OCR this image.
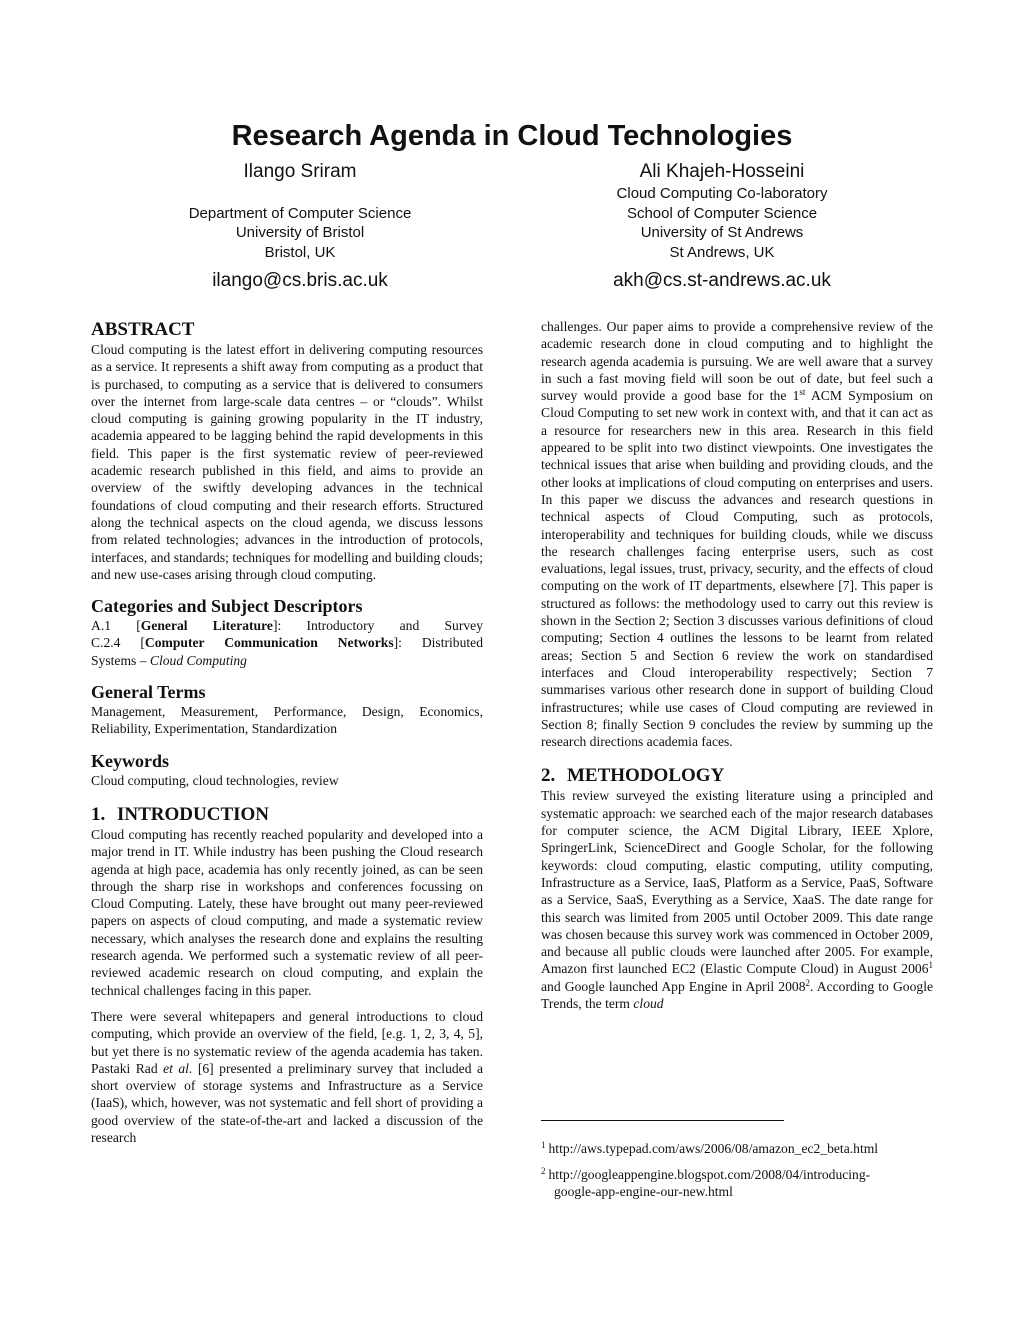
Research Agenda in Cloud Technologies
Ilango Sriram

Department of Computer Science
University of Bristol
Bristol, UK
ilango@cs.bris.ac.uk
Ali Khajeh-Hosseini
Cloud Computing Co-laboratory
School of Computer Science
University of St Andrews
St Andrews, UK
akh@cs.st-andrews.ac.uk
ABSTRACT

Cloud computing is the latest effort in delivering computing resources as a service. It represents a shift away from computing as a product that is purchased, to computing as a service that is delivered to consumers over the internet from large-scale data centres – or “clouds”. Whilst cloud computing is gaining growing popularity in the IT industry, academia appeared to be lagging behind the rapid developments in this field. This paper is the first systematic review of peer-reviewed academic research published in this field, and aims to provide an overview of the swiftly developing advances in the technical foundations of cloud computing and their research efforts. Structured along the technical aspects on the cloud agenda, we discuss lessons from related technologies; advances in the introduction of protocols, interfaces, and standards; techniques for modelling and building clouds; and new use-cases arising through cloud computing.

Categories and Subject Descriptors
A.1 [General Literature]: Introductory and Survey
C.2.4 [Computer Communication Networks]: Distributed
Systems – Cloud Computing
General Terms

Management, Measurement, Performance, Design, Economics, Reliability, Experimentation, Standardization

Keywords

Cloud computing, cloud technologies, review

1. INTRODUCTION

Cloud computing has recently reached popularity and developed into a major trend in IT. While industry has been pushing the Cloud research agenda at high pace, academia has only recently joined, as can be seen through the sharp rise in workshops and conferences focussing on Cloud Computing. Lately, these have brought out many peer-reviewed papers on aspects of cloud computing, and made a systematic review necessary, which analyses the research done and explains the resulting research agenda. We performed such a systematic review of all peer-reviewed academic research on cloud computing, and explain the technical challenges facing in this paper.

There were several whitepapers and general introductions to cloud computing, which provide an overview of the field, [e.g. 1, 2, 3, 4, 5], but yet there is no systematic review of the agenda academia has taken. Pastaki Rad et al. [6] presented a preliminary survey that included a short overview of storage systems and Infrastructure as a Service (IaaS), which, however, was not systematic and fell short of providing a good overview of the state-of-the-art and lacked a discussion of the research

challenges. Our paper aims to provide a comprehensive review of the academic research done in cloud computing and to highlight the research agenda academia is pursuing. We are well aware that a survey in such a fast moving field will soon be out of date, but feel such a survey would provide a good base for the 1st ACM Symposium on Cloud Computing to set new work in context with, and that it can act as a resource for researchers new in this area. Research in this field appeared to be split into two distinct viewpoints. One investigates the technical issues that arise when building and providing clouds, and the other looks at implications of cloud computing on enterprises and users. In this paper we discuss the advances and research questions in technical aspects of Cloud Computing, such as protocols, interoperability and techniques for building clouds, while we discuss the research challenges facing enterprise users, such as cost evaluations, legal issues, trust, privacy, security, and the effects of cloud computing on the work of IT departments, elsewhere [7]. This paper is structured as follows: the methodology used to carry out this review is shown in the Section 2; Section 3 discusses various definitions of cloud computing; Section 4 outlines the lessons to be learnt from related areas; Section 5 and Section 6 review the work on standardised interfaces and Cloud interoperability respectively; Section 7 summarises various other research done in support of building Cloud infrastructures; while use cases of Cloud computing are reviewed in Section 8; finally Section 9 concludes the review by summing up the research directions academia faces.

2. METHODOLOGY

This review surveyed the existing literature using a principled and systematic approach: we searched each of the major research databases for computer science, the ACM Digital Library, IEEE Xplore, SpringerLink, ScienceDirect and Google Scholar, for the following keywords: cloud computing, elastic computing, utility computing, Infrastructure as a Service, IaaS, Platform as a Service, PaaS, Software as a Service, SaaS, Everything as a Service, XaaS. The date range for this search was limited from 2005 until October 2009. This date range was chosen because this survey work was commenced in October 2009, and because all public clouds were launched after 2005. For example, Amazon first launched EC2 (Elastic Compute Cloud) in August 2006$^1$ and Google launched App Engine in April 2008$^2$. According to Google Trends, the term cloud

$^1$ http://aws.typepad.com/aws/2006/08/amazon_ec2_beta.html
$^2$ http://googleappengine.blogspot.com/2008/04/introducing-
google-app-engine-our-new.html
